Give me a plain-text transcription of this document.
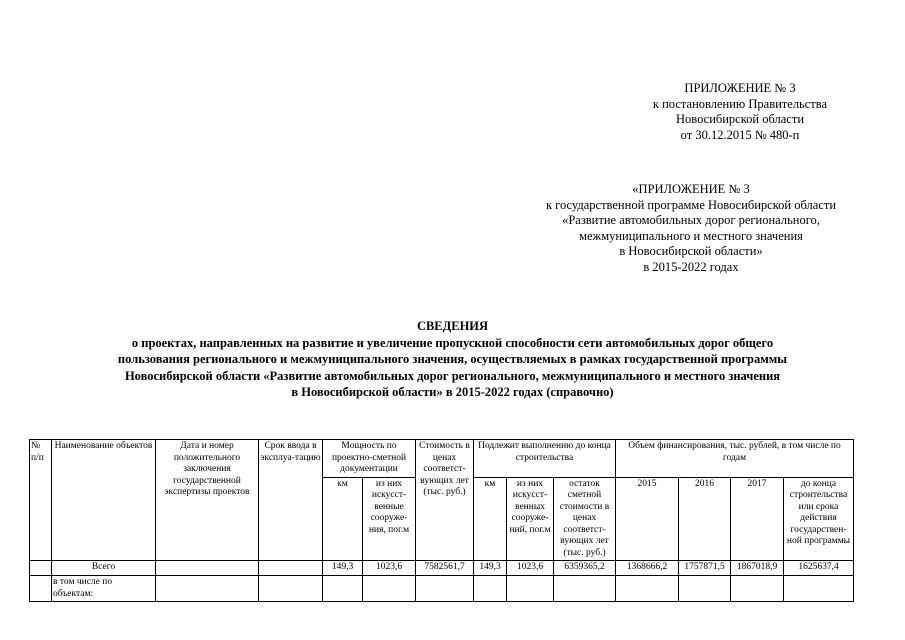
ПРИЛОЖЕНИЕ № 3
к постановлению Правительства
Новосибирской области
от 30.12.2015 № 480-п
«ПРИЛОЖЕНИЕ № 3
к государственной программе Новосибирской области
«Развитие автомобильных дорог регионального,
межмуниципального и местного значения
в Новосибирской области»
в 2015-2022 годах
СВЕДЕНИЯ
о проектах, направленных на развитие и увеличение пропускной способности сети автомобильных дорог общего
пользования регионального и межмуниципального значения, осуществляемых в рамках государственной программы
Новосибирской области «Развитие автомобильных дорог регионального, межмуниципального и местного значения
в Новосибирской области» в 2015-2022 годах (справочно)
№ п/п	Наименование объектов	Дата и номер положительного заключения государственной экспертизы проектов	Срок ввода в эксплуа-тацию	Мощность по проектно-сметной документации		Стоимость в ценах соответст-вующих лет (тыс. руб.)	Подлежит выполнению до конца строительства			Объем финансирования, тыс. рублей, в том числе по годам			
				км	из них искусст-венные сооруже-ния, пог.м		км	из них искусст-венных сооруже-ний, пог.м	остаток сметной стоимости в ценах соответст-вующих лет (тыс. руб.)	2015	2016	2017	до конца строительства или срока действия государствен-ной программы
	Всего			149,3	1023,6	7582561,7	149,3	1023,6	6359365,2	1368666,2	1757871,5	1867018,9	1625637,4
	в том числе по объектам:												
